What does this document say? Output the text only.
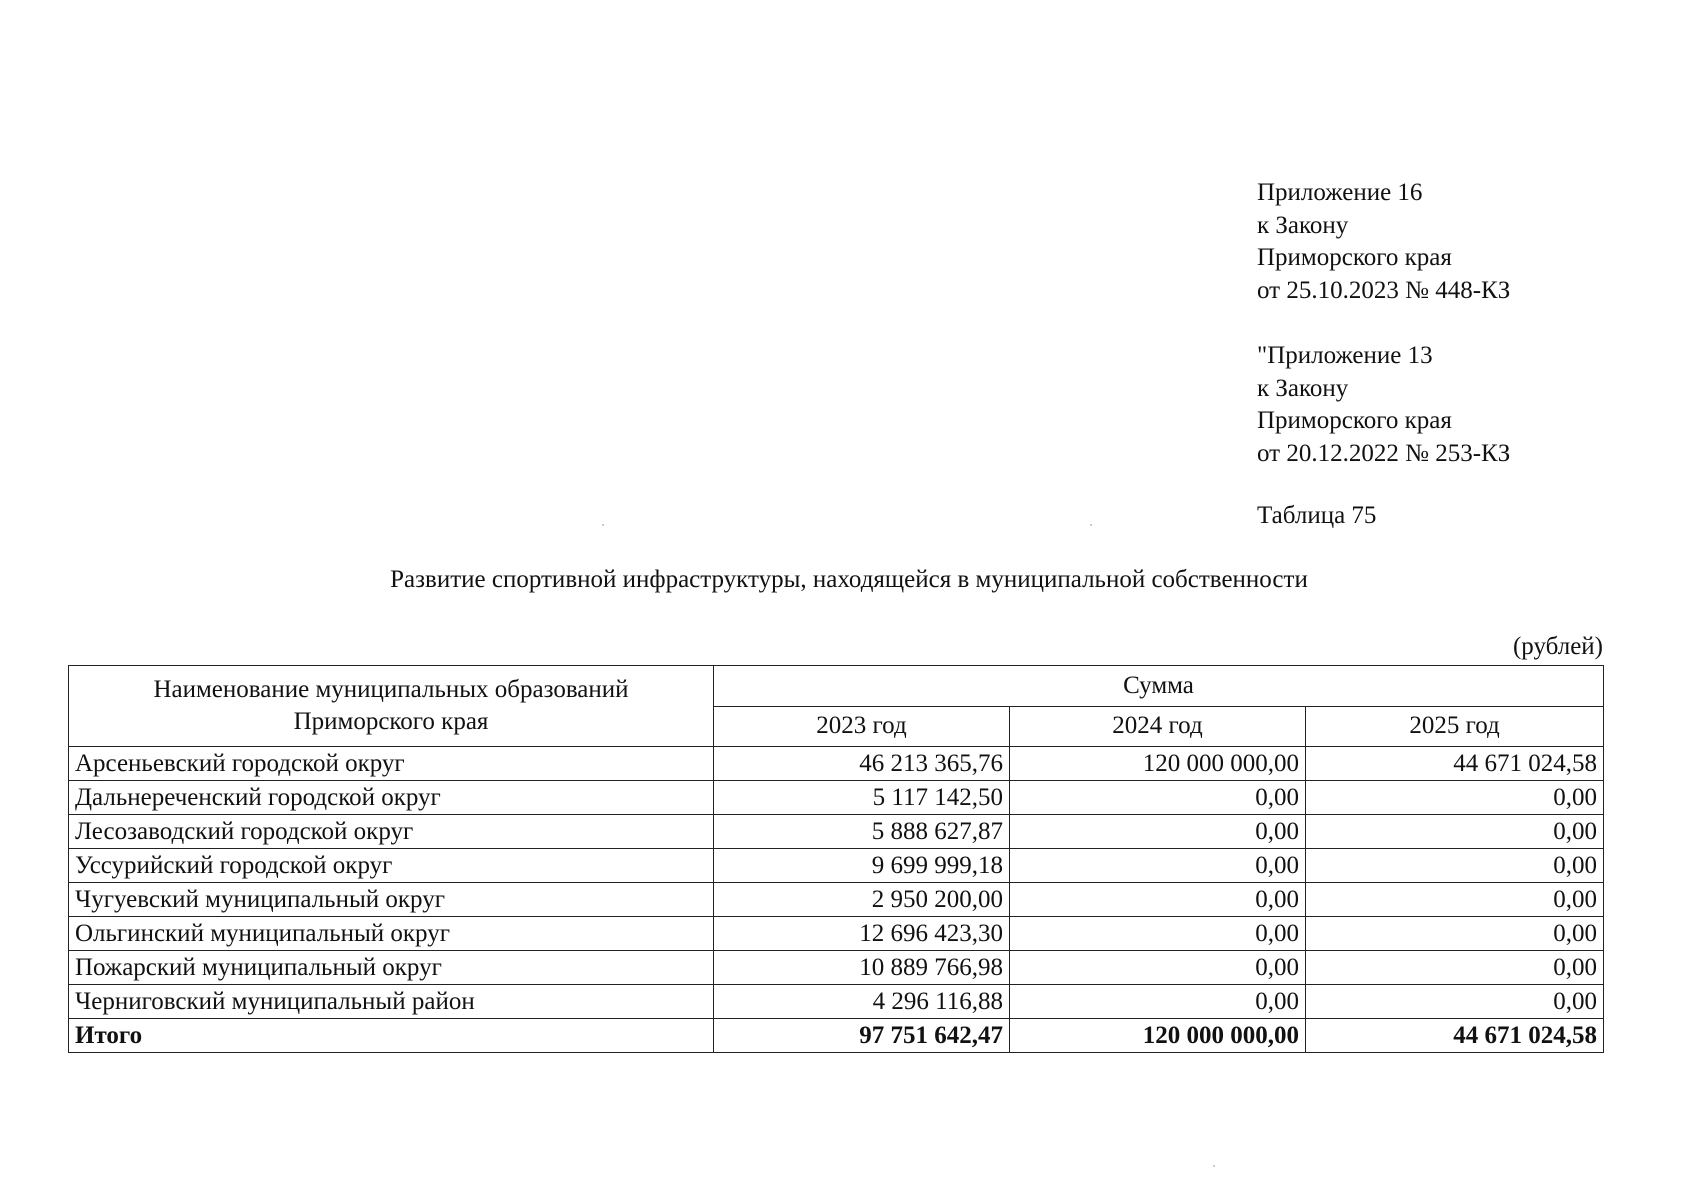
Приложение 16
к Закону
Приморского края
от 25.10.2023 № 448-КЗ
"Приложение 13
к Закону
Приморского края
от 20.12.2022 № 253-КЗ
Таблица 75
Развитие спортивной инфраструктуры, находящейся в муниципальной собственности
(рублей)
Наименование муниципальных образований
Приморского края	Сумма		
	2023 год	2024 год	2025 год
Арсеньевский городской округ	46 213 365,76	120 000 000,00	44 671 024,58
Дальнереченский городской округ	5 117 142,50	0,00	0,00
Лесозаводский городской округ	5 888 627,87	0,00	0,00
Уссурийский городской округ	9 699 999,18	0,00	0,00
Чугуевский муниципальный округ	2 950 200,00	0,00	0,00
Ольгинский муниципальный округ	12 696 423,30	0,00	0,00
Пожарский муниципальный округ	10 889 766,98	0,00	0,00
Черниговский муниципальный район	4 296 116,88	0,00	0,00
Итого	97 751 642,47	120 000 000,00	44 671 024,58
